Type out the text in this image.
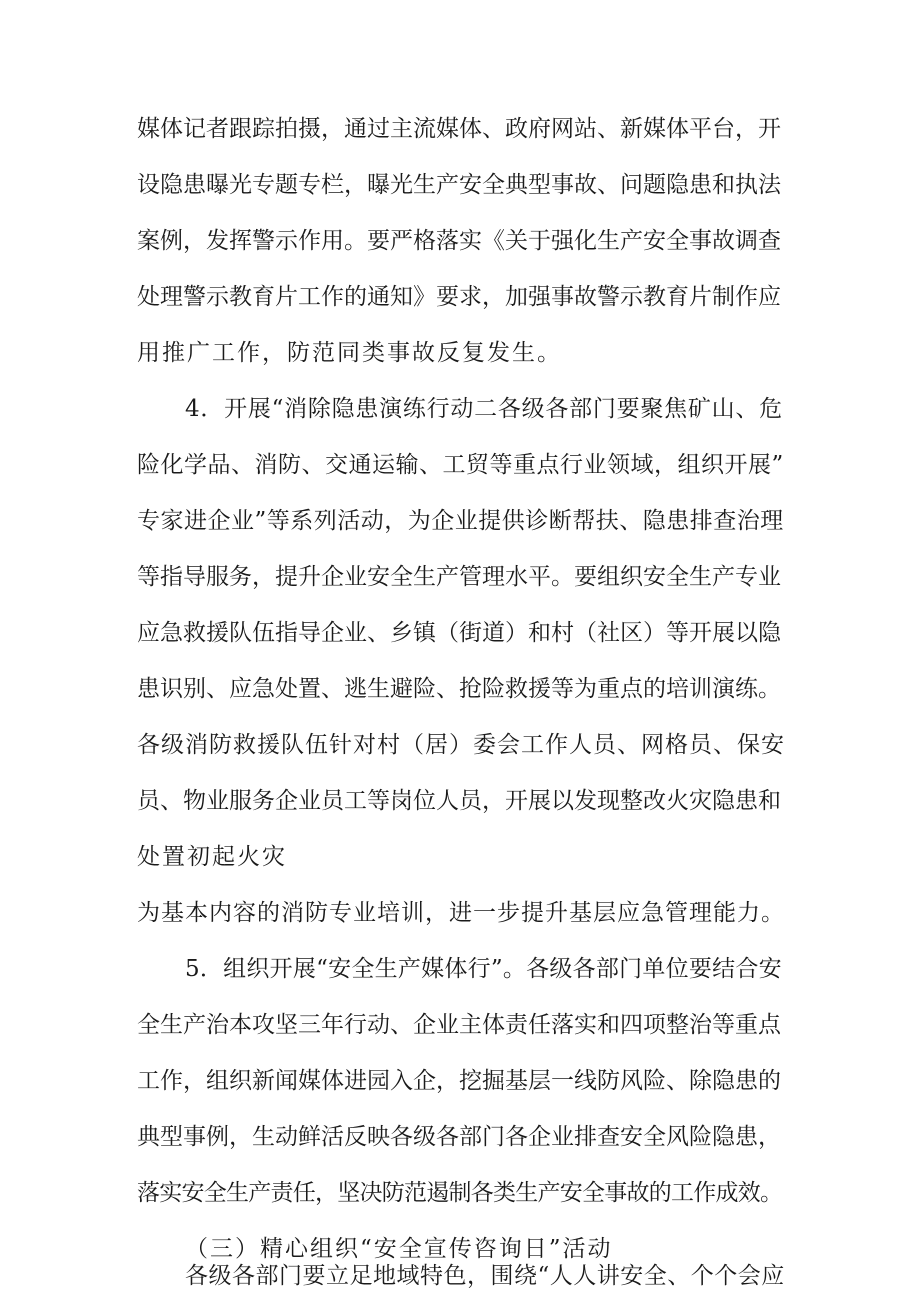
媒体记者跟踪拍摄，通过主流媒体、政府网站、新媒体平台，开
设隐患曝光专题专栏，曝光生产安全典型事故、问题隐患和执法
案例，发挥警示作用。要严格落实《关于强化生产安全事故调查
处理警示教育片工作的通知》要求，加强事故警示教育片制作应
用推广工作，防范同类事故反复发生。
4．开展“消除隐患演练行动二各级各部门要聚焦矿山、危
险化学品、消防、交通运输、工贸等重点行业领域，组织开展”
专家进企业”等系列活动，为企业提供诊断帮扶、隐患排查治理
等指导服务，提升企业安全生产管理水平。要组织安全生产专业
应急救援队伍指导企业、乡镇（街道）和村（社区）等开展以隐
患识别、应急处置、逃生避险、抢险救援等为重点的培训演练。
各级消防救援队伍针对村（居）委会工作人员、网格员、保安
员、物业服务企业员工等岗位人员，开展以发现整改火灾隐患和
处置初起火灾
为基本内容的消防专业培训，进一步提升基层应急管理能力。
5．组织开展“安全生产媒体行”。各级各部门单位要结合安
全生产治本攻坚三年行动、企业主体责任落实和四项整治等重点
工作，组织新闻媒体进园入企，挖掘基层一线防风险、除隐患的
典型事例，生动鲜活反映各级各部门各企业排查安全风险隐患，
落实安全生产责任，坚决防范遏制各类生产安全事故的工作成效。
（三）精心组织“安全宣传咨询日”活动
各级各部门要立足地域特色，围绕“人人讲安全、个个会应
